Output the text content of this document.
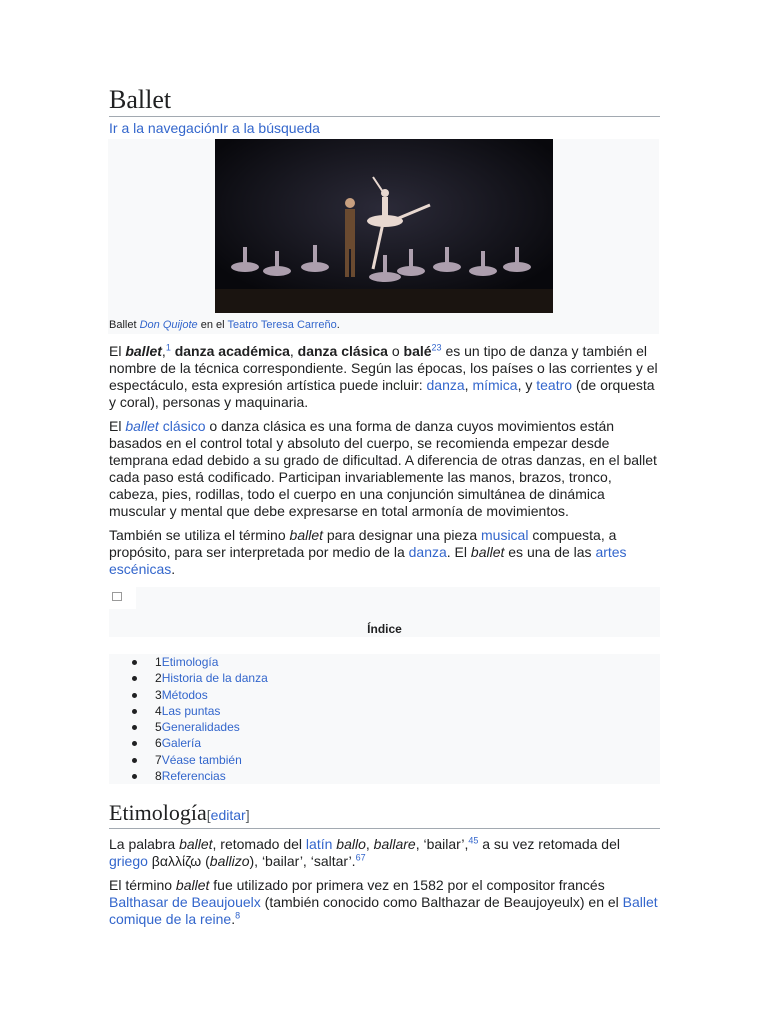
Ballet
Ir a la navegaciónIr a la búsqueda
Ballet Don Quijote en el Teatro Teresa Carreño.

El ballet,$^1$ danza académica, danza clásica o balé$^{23}$ es un tipo de danza y también el nombre de la técnica correspondiente. Según las épocas, los países o las corrientes y el espectáculo, esta expresión artística puede incluir: danza, mímica, y teatro (de orquesta y coral), personas y maquinaria.

El ballet clásico o danza clásica es una forma de danza cuyos movimientos están basados en el control total y absoluto del cuerpo, se recomienda empezar desde temprana edad debido a su grado de dificultad. A diferencia de otras danzas, en el ballet cada paso está codificado. Participan invariablemente las manos, brazos, tronco, cabeza, pies, rodillas, todo el cuerpo en una conjunción simultánea de dinámica muscular y mental que debe expresarse en total armonía de movimientos.

También se utiliza el término ballet para designar una pieza musical compuesta, a propósito, para ser interpretada por medio de la danza. El ballet es una de las artes escénicas.

Índice
1Etimología
2Historia de la danza
3Métodos
4Las puntas
5Generalidades
6Galería
7Véase también
8Referencias
Etimología[editar]

La palabra ballet, retomado del latín ballo, ballare, ‘bailar’,$^{45}$ a su vez retomada del griego βαλλίζω (ballizo), ‘bailar’, ‘saltar’.$^{67}$

El término ballet fue utilizado por primera vez en 1582 por el compositor francés Balthasar de Beaujouelx (también conocido como Balthazar de Beaujoyeulx) en el Ballet comique de la reine.$^8$
